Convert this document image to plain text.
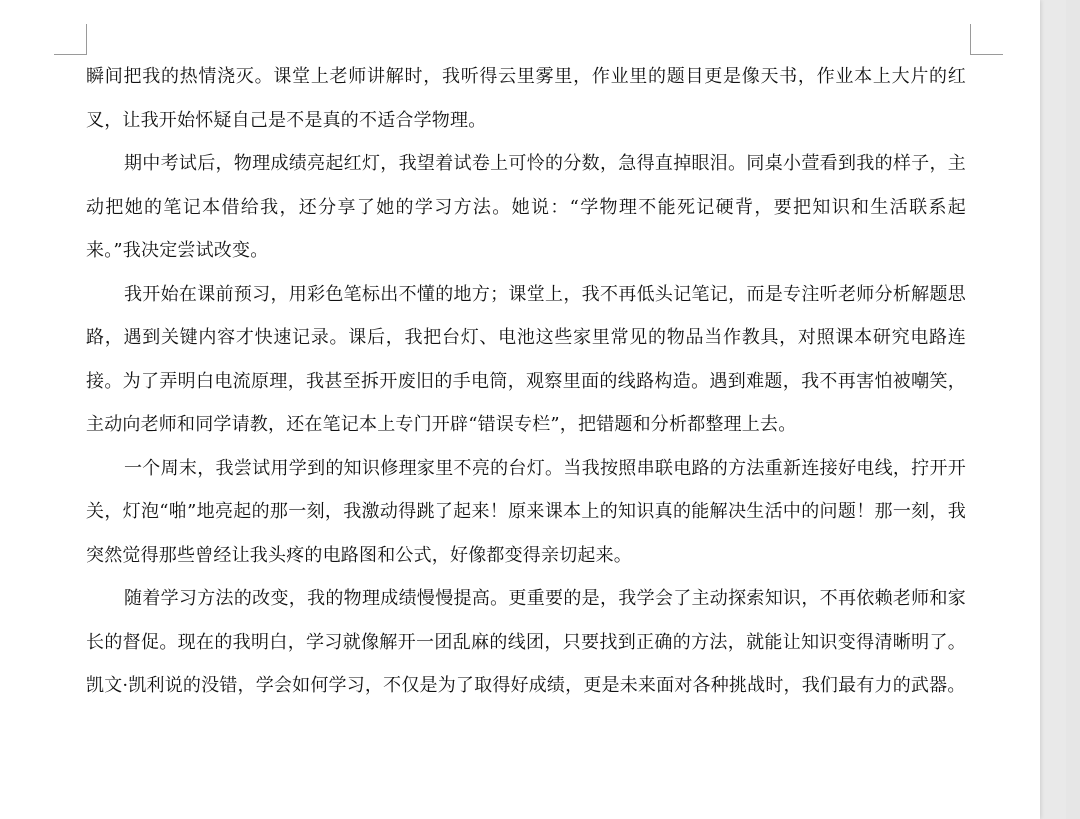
瞬间把我的热情浇灭。课堂上老师讲解时，我听得云里雾里，作业里的题目更是像天书，作业本上大片的红叉，让我开始怀疑自己是不是真的不适合学物理。

期中考试后，物理成绩亮起红灯，我望着试卷上可怜的分数，急得直掉眼泪。同桌小萱看到我的样子，主动把她的笔记本借给我，还分享了她的学习方法。她说：“学物理不能死记硬背，要把知识和生活联系起来。”我决定尝试改变。

我开始在课前预习，用彩色笔标出不懂的地方；课堂上，我不再低头记笔记，而是专注听老师分析解题思路，遇到关键内容才快速记录。课后，我把台灯、电池这些家里常见的物品当作教具，对照课本研究电路连接。为了弄明白电流原理，我甚至拆开废旧的手电筒，观察里面的线路构造。遇到难题，我不再害怕被嘲笑，主动向老师和同学请教，还在笔记本上专门开辟“错误专栏”，把错题和分析都整理上去。

一个周末，我尝试用学到的知识修理家里不亮的台灯。当我按照串联电路的方法重新连接好电线，拧开开关，灯泡“啪”地亮起的那一刻，我激动得跳了起来！原来课本上的知识真的能解决生活中的问题！那一刻，我突然觉得那些曾经让我头疼的电路图和公式，好像都变得亲切起来。

随着学习方法的改变，我的物理成绩慢慢提高。更重要的是，我学会了主动探索知识，不再依赖老师和家长的督促。现在的我明白，学习就像解开一团乱麻的线团，只要找到正确的方法，就能让知识变得清晰明了。凯文·凯利说的没错，学会如何学习，不仅是为了取得好成绩，更是未来面对各种挑战时，我们最有力的武器。
